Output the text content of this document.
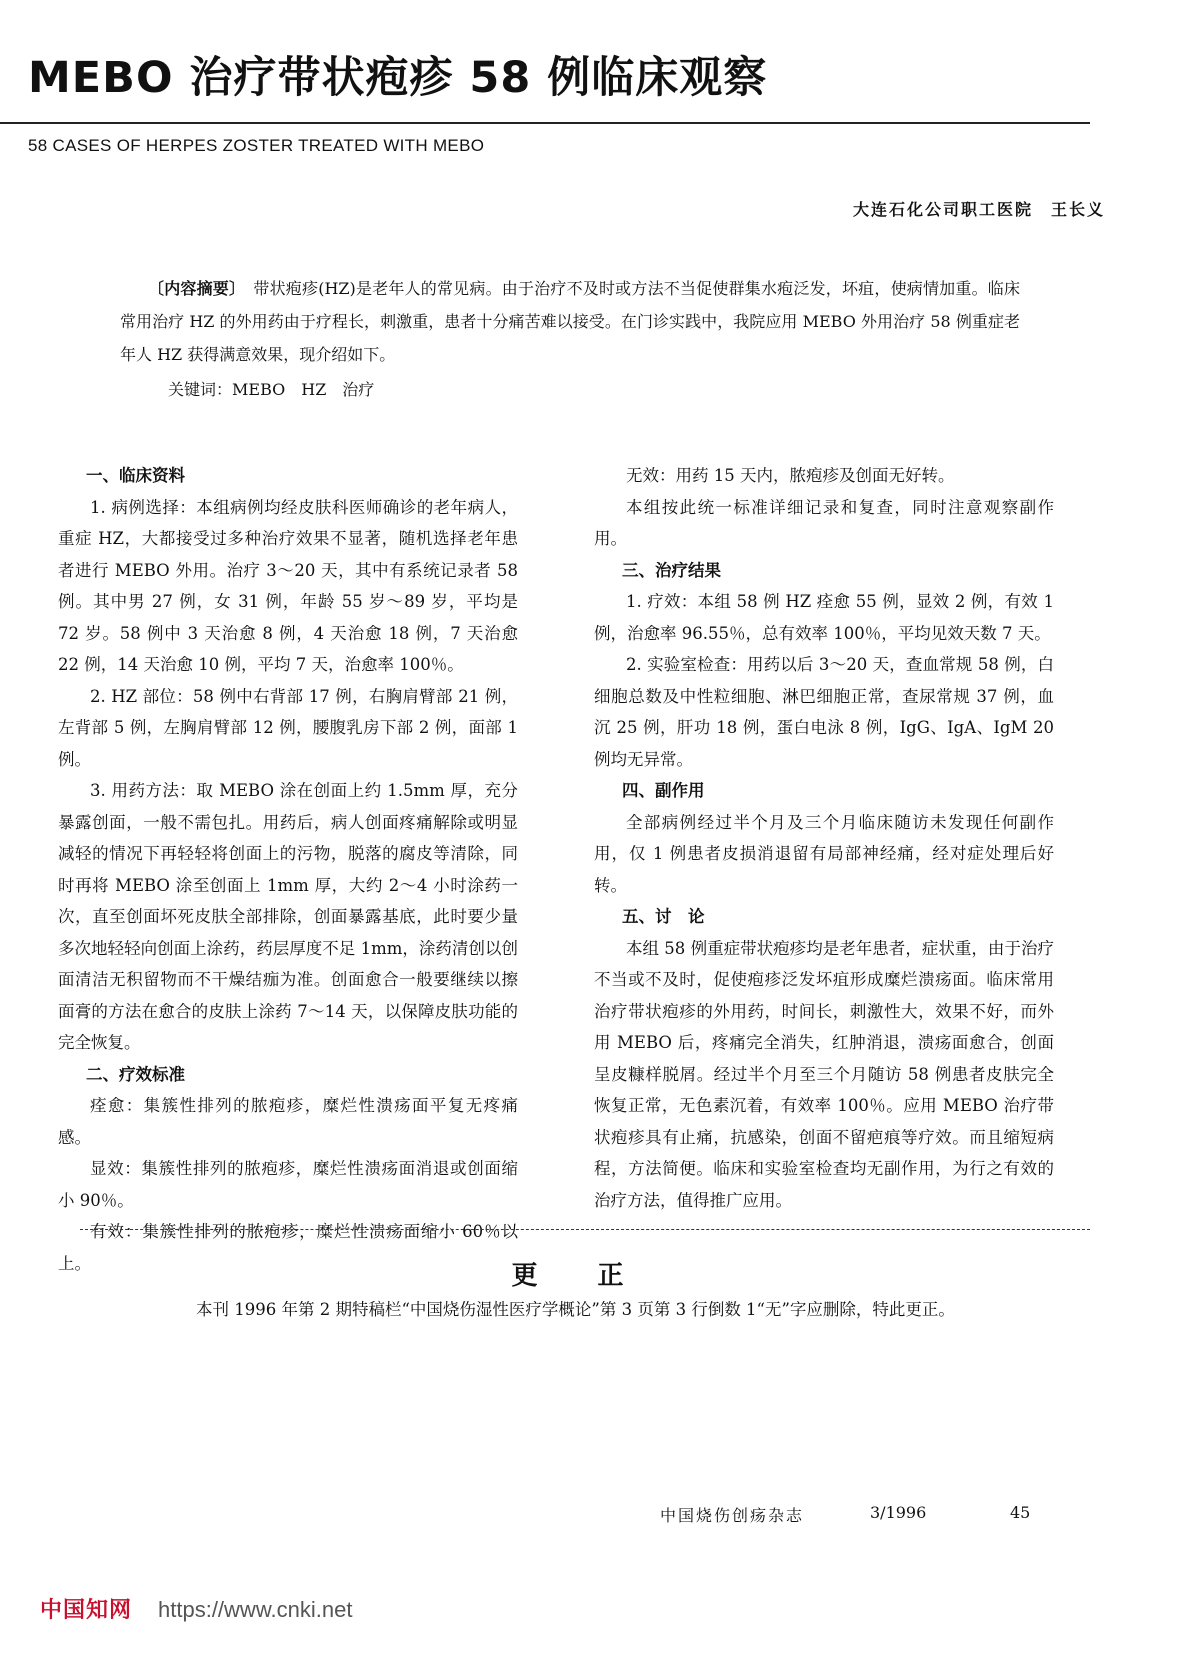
MEBO 治疗带状疱疹 58 例临床观察
58 CASES OF HERPES ZOSTER TREATED WITH MEBO
大连石化公司职工医院　王长义

〔内容摘要〕　 带状疱疹(HZ)是老年人的常见病。由于治疗不及时或方法不当促使群集水疱泛发，坏疽，使病情加重。临床常用治疗 HZ 的外用药由于疗程长，刺激重，患者十分痛苦难以接受。在门诊实践中，我院应用 MEBO 外用治疗 58 例重症老年人 HZ 获得满意效果，现介绍如下。

关键词：MEBO　HZ　治疗
一、临床资料

1. 病例选择：本组病例均经皮肤科医师确诊的老年病人，重症 HZ，大都接受过多种治疗效果不显著，随机选择老年患者进行 MEBO 外用。治疗 3～20 天，其中有系统记录者 58 例。其中男 27 例，女 31 例，年龄 55 岁～89 岁，平均是 72 岁。58 例中 3 天治愈 8 例，4 天治愈 18 例，7 天治愈 22 例，14 天治愈 10 例，平均 7 天，治愈率 100％。

2. HZ 部位：58 例中右背部 17 例，右胸肩臂部 21 例，左背部 5 例，左胸肩臂部 12 例，腰腹乳房下部 2 例，面部 1 例。

3. 用药方法：取 MEBO 涂在创面上约 1.5mm 厚，充分暴露创面，一般不需包扎。用药后，病人创面疼痛解除或明显减轻的情况下再轻轻将创面上的污物，脱落的腐皮等清除，同时再将 MEBO 涂至创面上 1mm 厚，大约 2～4 小时涂药一次，直至创面坏死皮肤全部排除，创面暴露基底，此时要少量多次地轻轻向创面上涂药，药层厚度不足 1mm，涂药清创以创面清洁无积留物而不干燥结痂为准。创面愈合一般要继续以擦面膏的方法在愈合的皮肤上涂药 7～14 天，以保障皮肤功能的完全恢复。

二、疗效标准

痊愈：集簇性排列的脓疱疹，糜烂性溃疡面平复无疼痛感。

显效：集簇性排列的脓疱疹，糜烂性溃疡面消退或创面缩小 90％。

有效：集簇性排列的脓疱疹，糜烂性溃疡面缩小 60％以上。

无效：用药 15 天内，脓疱疹及创面无好转。

本组按此统一标准详细记录和复查，同时注意观察副作用。

三、治疗结果

1. 疗效：本组 58 例 HZ 痊愈 55 例，显效 2 例，有效 1 例，治愈率 96.55％，总有效率 100％，平均见效天数 7 天。

2. 实验室检查：用药以后 3～20 天，查血常规 58 例，白细胞总数及中性粒细胞、淋巴细胞正常，查尿常规 37 例，血沉 25 例，肝功 18 例，蛋白电泳 8 例，IgG、IgA、IgM 20 例均无异常。

四、副作用

全部病例经过半个月及三个月临床随访未发现任何副作用，仅 1 例患者皮损消退留有局部神经痛，经对症处理后好转。

五、讨　论

本组 58 例重症带状疱疹均是老年患者，症状重，由于治疗不当或不及时，促使疱疹泛发坏疽形成糜烂溃疡面。临床常用治疗带状疱疹的外用药，时间长，刺激性大，效果不好，而外用 MEBO 后，疼痛完全消失，红肿消退，溃疡面愈合，创面呈皮糠样脱屑。经过半个月至三个月随访 58 例患者皮肤完全恢复正常，无色素沉着，有效率 100％。应用 MEBO 治疗带状疱疹具有止痛，抗感染，创面不留疤痕等疗效。而且缩短病程，方法简便。临床和实验室检查均无副作用，为行之有效的治疗方法，值得推广应用。

更正

本刊 1996 年第 2 期特稿栏“中国烧伤湿性医疗学概论”第 3 页第 3 行倒数 1“无”字应删除，特此更正。

中国烧伤创疡杂志	3/1996	45
中国知网 https://www.cnki.net
